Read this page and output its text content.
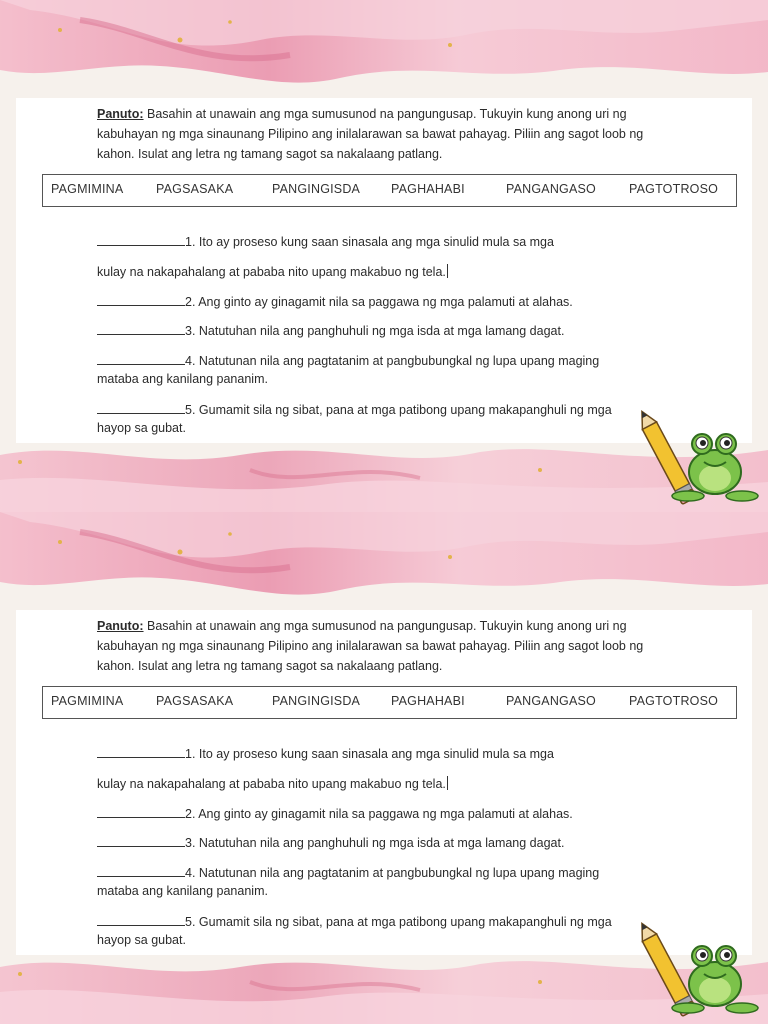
Panuto: Basahin at unawain ang mga sumusunod na pangungusap. Tukuyin kung anong uri ng kabuhayan ng mga sinaunang Pilipino ang inilalarawan sa bawat pahayag. Piliin ang sagot loob ng kahon. Isulat ang letra ng tamang sagot sa nakalaang patlang.
PAGMIMINA	PAGSASAKA	PANGINGISDA PAGHAHABI	PANGANGASO	PAGTOTROSO
1. Ito ay proseso kung saan sinasala ang mga sinulid mula sa mga
kulay na nakapahalang at pababa nito upang makabuo ng tela.
2. Ang ginto ay ginagamit nila sa paggawa ng mga palamuti at alahas.
3. Natutuhan nila ang panghuhuli ng mga isda at mga lamang dagat.
4. Natutunan nila ang pagtatanim at pangbubungkal ng lupa upang maging
mataba ang kanilang pananim.
5. Gumamit sila ng sibat, pana at mga patibong upang makapanghuli ng mga
hayop sa gubat.
Panuto: Basahin at unawain ang mga sumusunod na pangungusap. Tukuyin kung anong uri ng kabuhayan ng mga sinaunang Pilipino ang inilalarawan sa bawat pahayag. Piliin ang sagot loob ng kahon. Isulat ang letra ng tamang sagot sa nakalaang patlang.
PAGMIMINA	PAGSASAKA	PANGINGISDA PAGHAHABI	PANGANGASO	PAGTOTROSO
1. Ito ay proseso kung saan sinasala ang mga sinulid mula sa mga
kulay na nakapahalang at pababa nito upang makabuo ng tela.
2. Ang ginto ay ginagamit nila sa paggawa ng mga palamuti at alahas.
3. Natutuhan nila ang panghuhuli ng mga isda at mga lamang dagat.
4. Natutunan nila ang pagtatanim at pangbubungkal ng lupa upang maging
mataba ang kanilang pananim.
5. Gumamit sila ng sibat, pana at mga patibong upang makapanghuli ng mga
hayop sa gubat.
